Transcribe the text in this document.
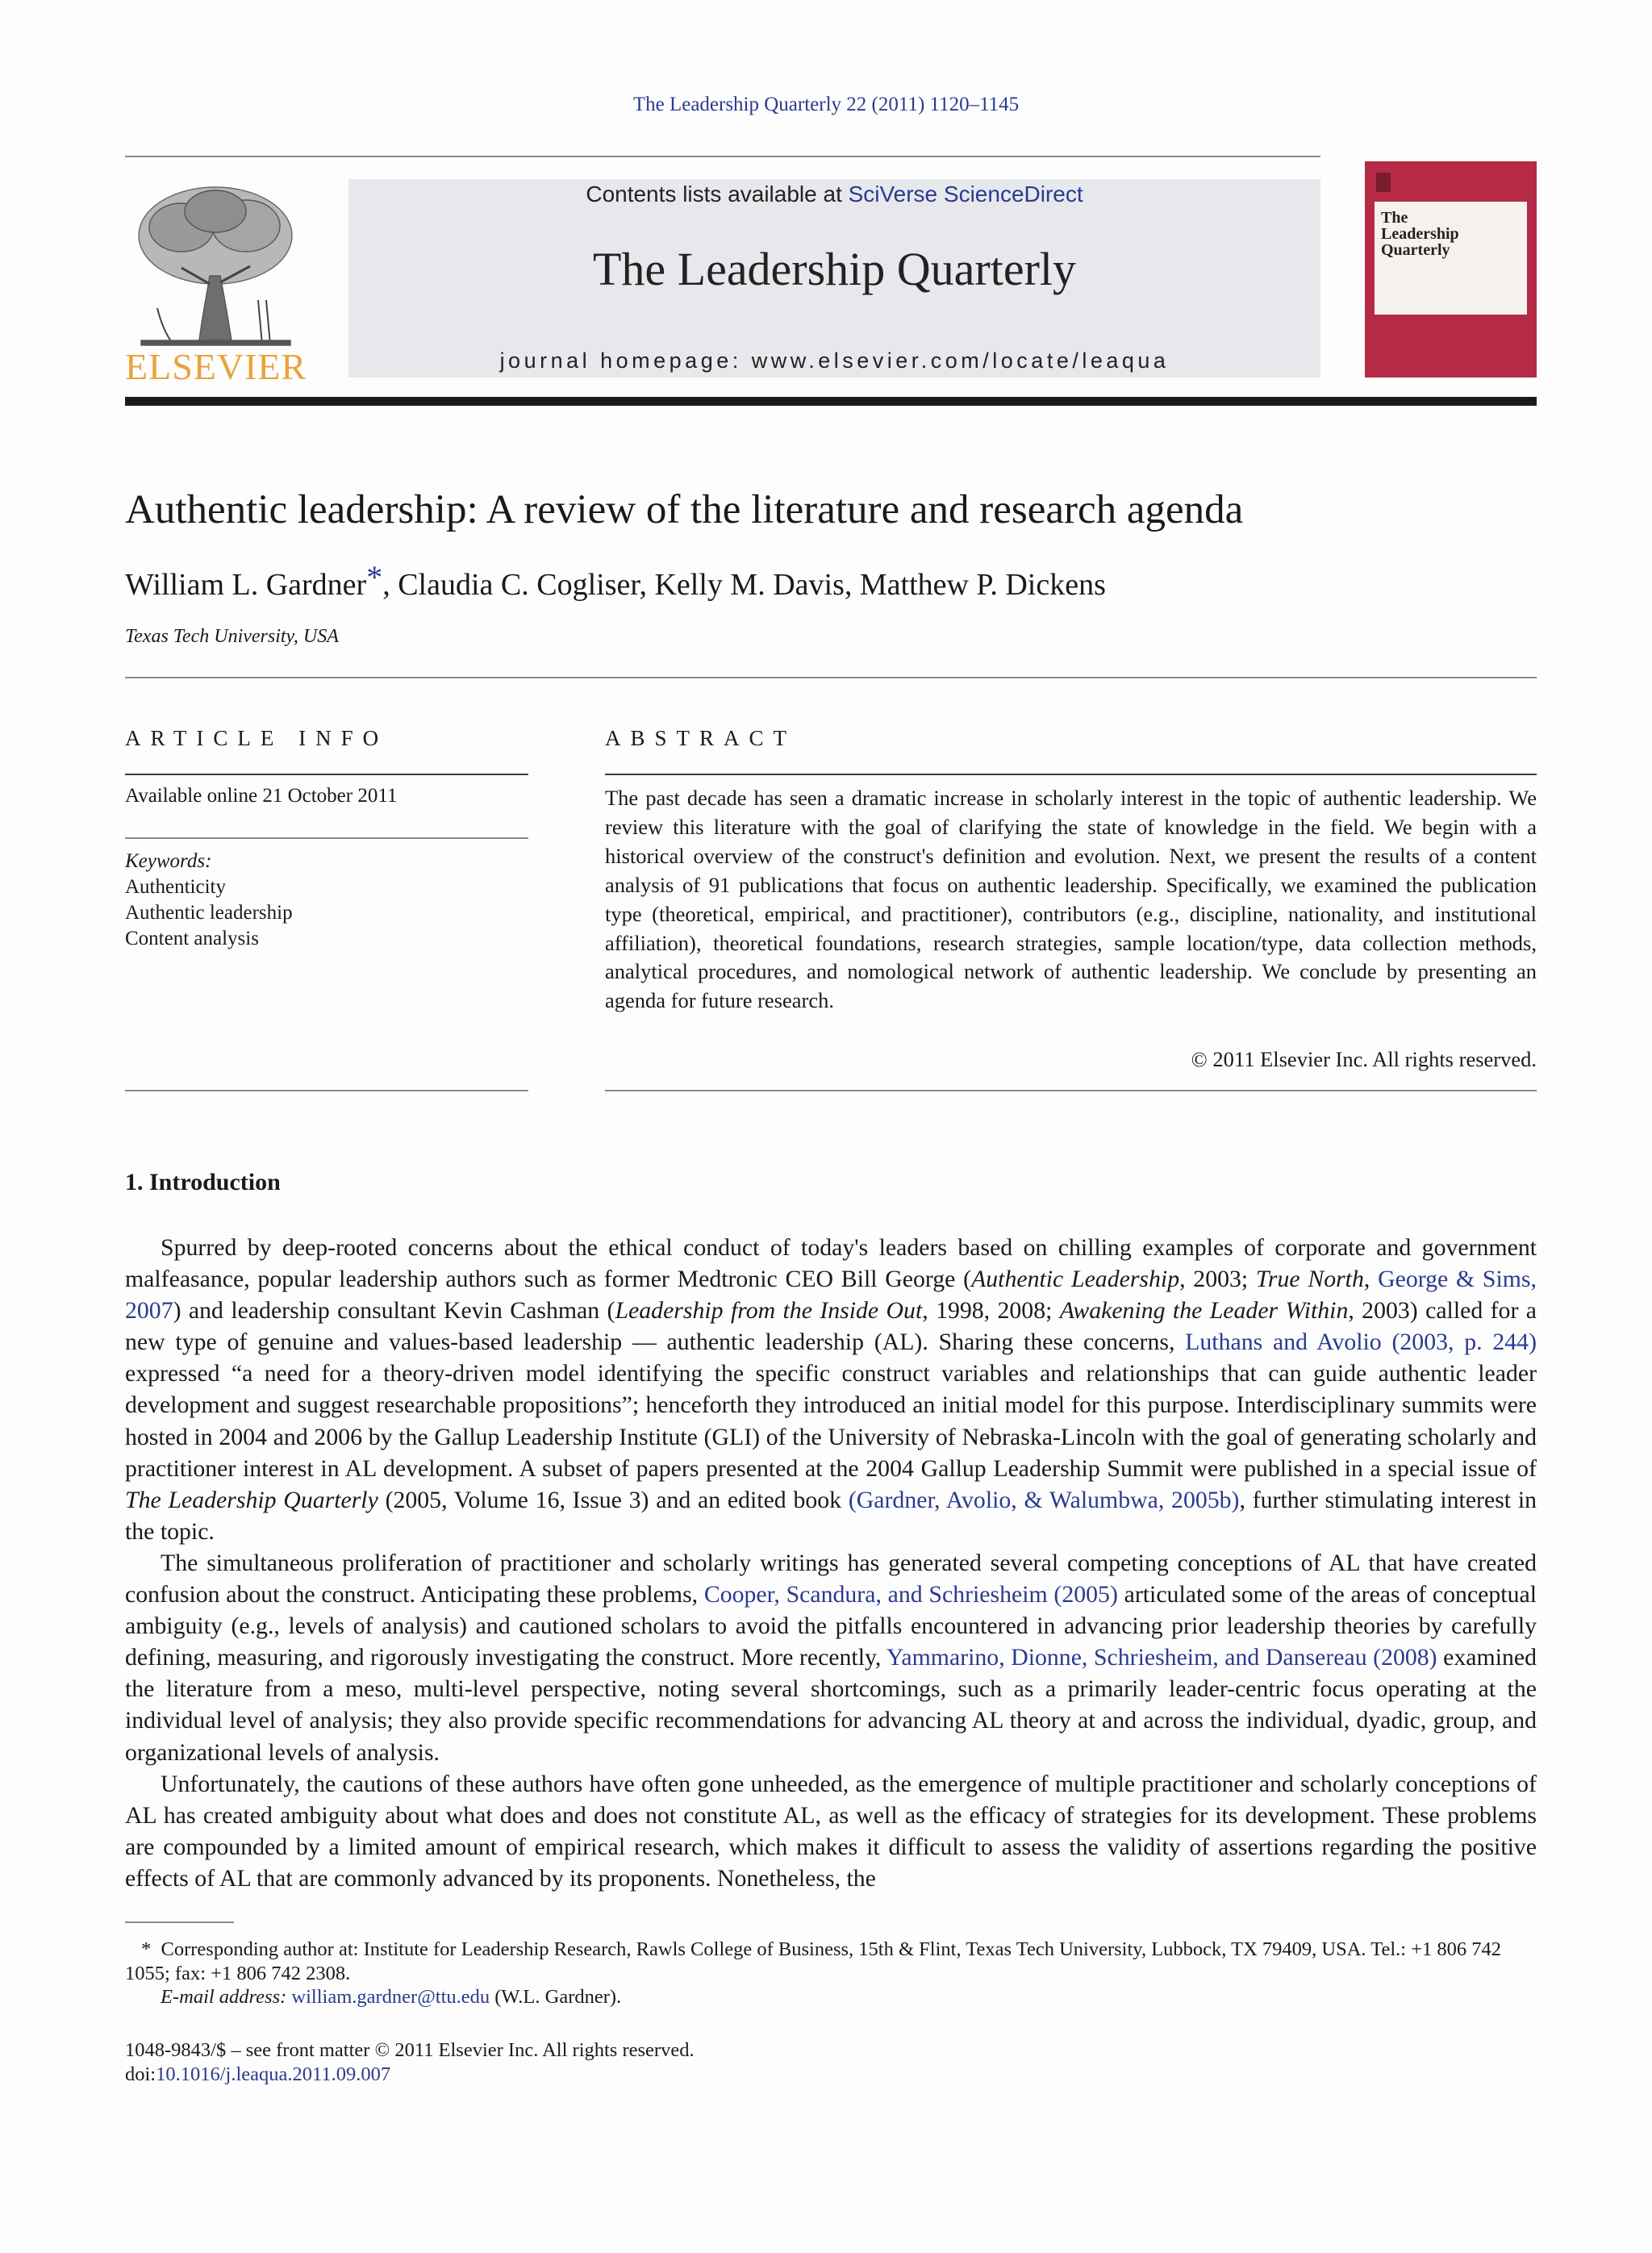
The Leadership Quarterly 22 (2011) 1120–1145
ELSEVIER
Contents lists available at SciVerse ScienceDirect
The Leadership Quarterly
journal homepage: www.elsevier.com/locate/leaqua
The Leadership Quarterly
Authentic leadership: A review of the literature and research agenda
William L. Gardner*, Claudia C. Cogliser, Kelly M. Davis, Matthew P. Dickens
Texas Tech University, USA
ARTICLE INFO
Available online 21 October 2011
Keywords:
Authenticity
Authentic leadership
Content analysis
ABSTRACT
The past decade has seen a dramatic increase in scholarly interest in the topic of authentic leadership. We review this literature with the goal of clarifying the state of knowledge in the field. We begin with a historical overview of the construct's definition and evolution. Next, we present the results of a content analysis of 91 publications that focus on authentic leadership. Specifically, we examined the publication type (theoretical, empirical, and practitioner), contributors (e.g., discipline, nationality, and institutional affiliation), theoretical foundations, research strategies, sample location/type, data collection methods, analytical procedures, and nomological network of authentic leadership. We conclude by presenting an agenda for future research.
© 2011 Elsevier Inc. All rights reserved.
1. Introduction

Spurred by deep-rooted concerns about the ethical conduct of today's leaders based on chilling examples of corporate and government malfeasance, popular leadership authors such as former Medtronic CEO Bill George (Authentic Leadership, 2003; True North, George & Sims, 2007) and leadership consultant Kevin Cashman (Leadership from the Inside Out, 1998, 2008; Awakening the Leader Within, 2003) called for a new type of genuine and values-based leadership — authentic leadership (AL). Sharing these concerns, Luthans and Avolio (2003, p. 244) expressed “a need for a theory-driven model identifying the specific construct variables and relationships that can guide authentic leader development and suggest researchable propositions”; henceforth they introduced an initial model for this purpose. Interdisciplinary summits were hosted in 2004 and 2006 by the Gallup Leadership Institute (GLI) of the University of Nebraska-Lincoln with the goal of generating scholarly and practitioner interest in AL development. A subset of papers presented at the 2004 Gallup Leadership Summit were published in a special issue of The Leadership Quarterly (2005, Volume 16, Issue 3) and an edited book (Gardner, Avolio, & Walumbwa, 2005b), further stimulating interest in the topic.

The simultaneous proliferation of practitioner and scholarly writings has generated several competing conceptions of AL that have created confusion about the construct. Anticipating these problems, Cooper, Scandura, and Schriesheim (2005) articulated some of the areas of conceptual ambiguity (e.g., levels of analysis) and cautioned scholars to avoid the pitfalls encountered in advancing prior leadership theories by carefully defining, measuring, and rigorously investigating the construct. More recently, Yammarino, Dionne, Schriesheim, and Dansereau (2008) examined the literature from a meso, multi-level perspective, noting several shortcomings, such as a primarily leader-centric focus operating at the individual level of analysis; they also provide specific recommendations for advancing AL theory at and across the individual, dyadic, group, and organizational levels of analysis.

Unfortunately, the cautions of these authors have often gone unheeded, as the emergence of multiple practitioner and scholarly conceptions of AL has created ambiguity about what does and does not constitute AL, as well as the efficacy of strategies for its development. These problems are compounded by a limited amount of empirical research, which makes it difficult to assess the validity of assertions regarding the positive effects of AL that are commonly advanced by its proponents. Nonetheless, the

* Corresponding author at: Institute for Leadership Research, Rawls College of Business, 15th & Flint, Texas Tech University, Lubbock, TX 79409, USA. Tel.: +1 806 742 1055; fax: +1 806 742 2308.
E-mail address: william.gardner@ttu.edu (W.L. Gardner).
1048-9843/$ – see front matter © 2011 Elsevier Inc. All rights reserved.
doi:10.1016/j.leaqua.2011.09.007
